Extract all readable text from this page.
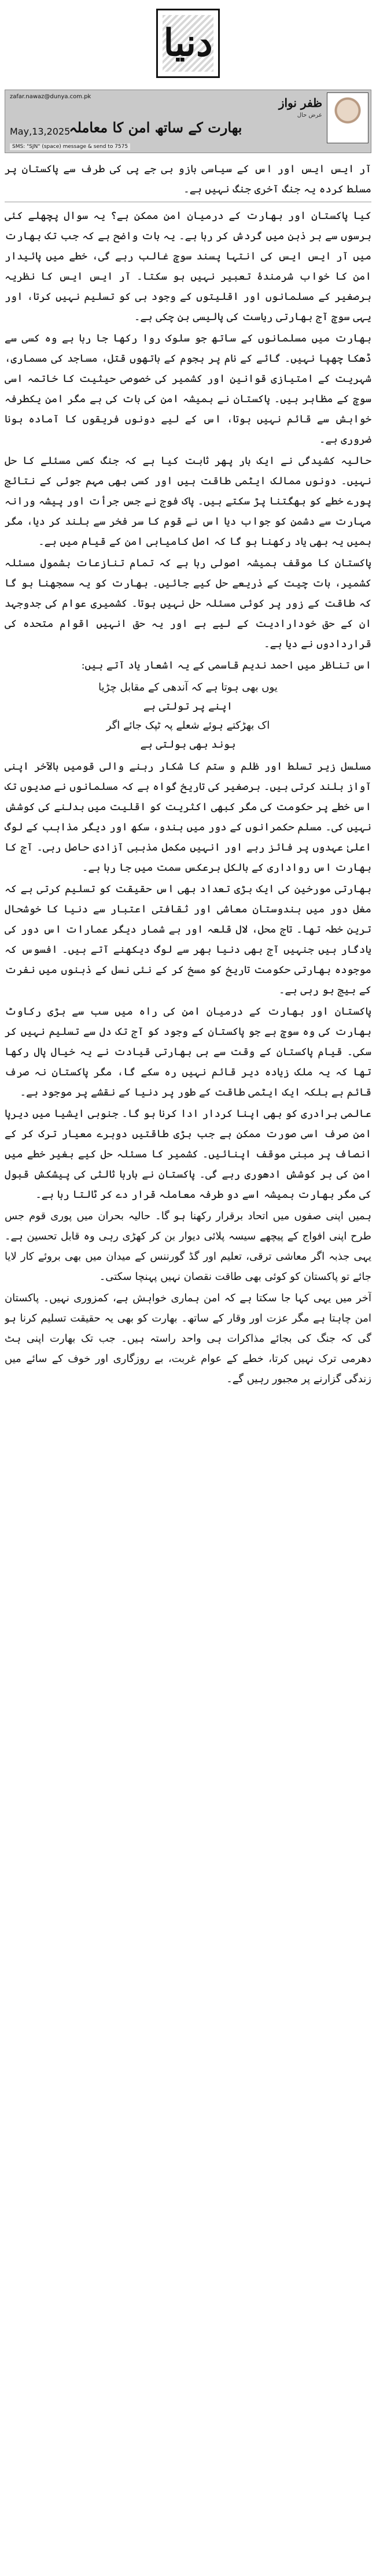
دنیا
ظفر نواز
عرض حال
zafar.nawaz@dunya.com.pk
بھارت کے ساتھ امن کا معاملہ
May,13,2025
SMS: "SJN" (space) message & send to 7575

آر ایس ایس اور اس کے سیاسی بازو بی جے پی کی طرف سے پاکستان پر مسلط کردہ یہ جنگ آخری جنگ نہیں ہے۔

کیا پاکستان اور بھارت کے درمیان امن ممکن ہے؟ یہ سوال پچھلے کئی برسوں سے ہر ذہن میں گردش کر رہا ہے۔ یہ بات واضح ہے کہ جب تک بھارت میں آر ایس ایس کی انتہا پسند سوچ غالب رہے گی، خطے میں پائیدار امن کا خواب شرمندۂ تعبیر نہیں ہو سکتا۔ آر ایس ایس کا نظریہ برصغیر کے مسلمانوں اور اقلیتوں کے وجود ہی کو تسلیم نہیں کرتا، اور یہی سوچ آج بھارتی ریاست کی پالیسی بن چکی ہے۔

بھارت میں مسلمانوں کے ساتھ جو سلوک روا رکھا جا رہا ہے وہ کسی سے ڈھکا چھپا نہیں۔ گائے کے نام پر ہجوم کے ہاتھوں قتل، مساجد کی مسماری، شہریت کے امتیازی قوانین اور کشمیر کی خصوصی حیثیت کا خاتمہ اسی سوچ کے مظاہر ہیں۔ پاکستان نے ہمیشہ امن کی بات کی ہے مگر امن یکطرفہ خواہش سے قائم نہیں ہوتا، اس کے لیے دونوں فریقوں کا آمادہ ہونا ضروری ہے۔

حالیہ کشیدگی نے ایک بار پھر ثابت کیا ہے کہ جنگ کسی مسئلے کا حل نہیں۔ دونوں ممالک ایٹمی طاقت ہیں اور کسی بھی مہم جوئی کے نتائج پورے خطے کو بھگتنا پڑ سکتے ہیں۔ پاک فوج نے جس جرأت اور پیشہ ورانہ مہارت سے دشمن کو جواب دیا اس نے قوم کا سر فخر سے بلند کر دیا، مگر ہمیں یہ بھی یاد رکھنا ہو گا کہ اصل کامیابی امن کے قیام میں ہے۔

پاکستان کا موقف ہمیشہ اصولی رہا ہے کہ تمام تنازعات بشمول مسئلہ کشمیر، بات چیت کے ذریعے حل کیے جائیں۔ بھارت کو یہ سمجھنا ہو گا کہ طاقت کے زور پر کوئی مسئلہ حل نہیں ہوتا۔ کشمیری عوام کی جدوجہد ان کے حق خودارادیت کے لیے ہے اور یہ حق انہیں اقوام متحدہ کی قراردادوں نے دیا ہے۔

اس تناظر میں احمد ندیم قاسمی کے یہ اشعار یاد آتے ہیں:

یوں بھی ہوتا ہے کہ آندھی کے مقابل چڑیا
اپنے پر تولتی ہے
اک بھڑکتے ہوئے شعلے پہ ٹپک جائے اگر
بوند بھی بولتی ہے

مسلسل زیر تسلط اور ظلم و ستم کا شکار رہنے والی قومیں بالآخر اپنی آواز بلند کرتی ہیں۔ برصغیر کی تاریخ گواہ ہے کہ مسلمانوں نے صدیوں تک اس خطے پر حکومت کی مگر کبھی اکثریت کو اقلیت میں بدلنے کی کوشش نہیں کی۔ مسلم حکمرانوں کے دور میں ہندو، سکھ اور دیگر مذاہب کے لوگ اعلیٰ عہدوں پر فائز رہے اور انہیں مکمل مذہبی آزادی حاصل رہی۔ آج کا بھارت اس رواداری کے بالکل برعکس سمت میں جا رہا ہے۔

بھارتی مورخین کی ایک بڑی تعداد بھی اس حقیقت کو تسلیم کرتی ہے کہ مغل دور میں ہندوستان معاشی اور ثقافتی اعتبار سے دنیا کا خوشحال ترین خطہ تھا۔ تاج محل، لال قلعہ اور بے شمار دیگر عمارات اس دور کی یادگار ہیں جنہیں آج بھی دنیا بھر سے لوگ دیکھنے آتے ہیں۔ افسوس کہ موجودہ بھارتی حکومت تاریخ کو مسخ کر کے نئی نسل کے ذہنوں میں نفرت کے بیج بو رہی ہے۔

پاکستان اور بھارت کے درمیان امن کی راہ میں سب سے بڑی رکاوٹ بھارت کی وہ سوچ ہے جو پاکستان کے وجود کو آج تک دل سے تسلیم نہیں کر سکی۔ قیام پاکستان کے وقت سے ہی بھارتی قیادت نے یہ خیال پال رکھا تھا کہ یہ ملک زیادہ دیر قائم نہیں رہ سکے گا، مگر پاکستان نہ صرف قائم ہے بلکہ ایک ایٹمی طاقت کے طور پر دنیا کے نقشے پر موجود ہے۔

عالمی برادری کو بھی اپنا کردار ادا کرنا ہو گا۔ جنوبی ایشیا میں دیرپا امن صرف اسی صورت ممکن ہے جب بڑی طاقتیں دوہرے معیار ترک کر کے انصاف پر مبنی موقف اپنائیں۔ کشمیر کا مسئلہ حل کیے بغیر خطے میں امن کی ہر کوشش ادھوری رہے گی۔ پاکستان نے بارہا ثالثی کی پیشکش قبول کی مگر بھارت ہمیشہ اسے دو طرفہ معاملہ قرار دے کر ٹالتا رہا ہے۔

ہمیں اپنی صفوں میں اتحاد برقرار رکھنا ہو گا۔ حالیہ بحران میں پوری قوم جس طرح اپنی افواج کے پیچھے سیسہ پلائی دیوار بن کر کھڑی رہی وہ قابل تحسین ہے۔ یہی جذبہ اگر معاشی ترقی، تعلیم اور گڈ گورننس کے میدان میں بھی بروئے کار لایا جائے تو پاکستان کو کوئی بھی طاقت نقصان نہیں پہنچا سکتی۔

آخر میں یہی کہا جا سکتا ہے کہ امن ہماری خواہش ہے، کمزوری نہیں۔ پاکستان امن چاہتا ہے مگر عزت اور وقار کے ساتھ۔ بھارت کو بھی یہ حقیقت تسلیم کرنا ہو گی کہ جنگ کی بجائے مذاکرات ہی واحد راستہ ہیں۔ جب تک بھارت اپنی ہٹ دھرمی ترک نہیں کرتا، خطے کے عوام غربت، بے روزگاری اور خوف کے سائے میں زندگی گزارنے پر مجبور رہیں گے۔
